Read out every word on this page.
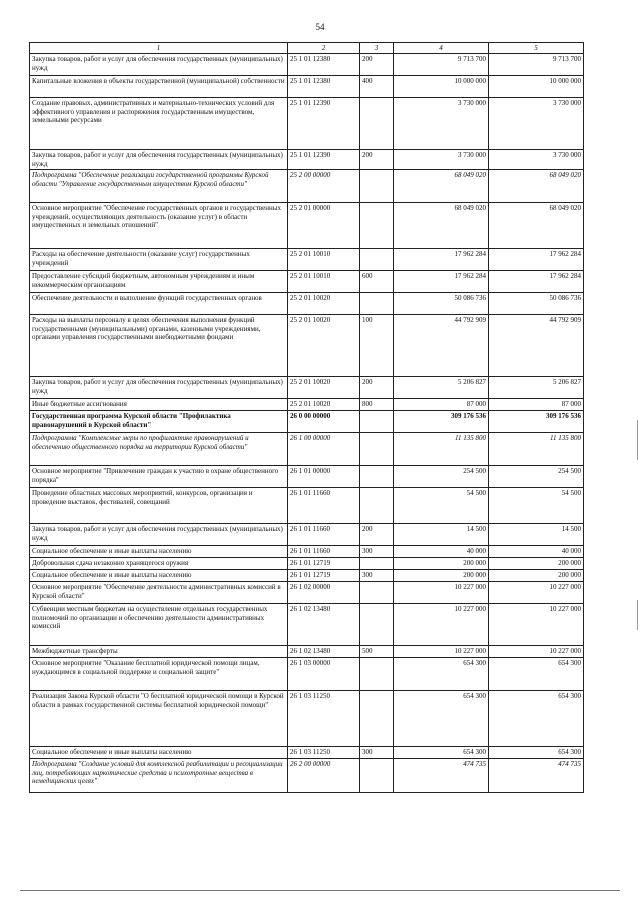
54
1	2	3	4	5
Закупка товаров, работ и услуг для обеспечения государственных (муниципальных) нужд	25 1 01 12380	200	9 713 700	9 713 700
Капитальные вложения в объекты государственной (муниципальной) собственности	25 1 01 12380	400	10 000 000	10 000 000
Создание правовых, административных и материально-технических условий для эффективного управления и распоряжения государственным имуществом, земельными ресурсами	25 1 01 12390		3 730 000	3 730 000
Закупка товаров, работ и услуг для обеспечения государственных (муниципальных) нужд	25 1 01 12390	200	3 730 000	3 730 000
Подпрограмма "Обеспечение реализации государственной программы Курской области "Управление государственным имуществом Курской области"	25 2 00 00000		68 049 020	68 049 020
Основное мероприятие "Обеспечение государственных органов и государственных учреждений, осуществляющих деятельность (оказание услуг) в области имущественных и земельных отношений"	25 2 01 00000		68 049 020	68 049 020
Расходы на обеспечение деятельности (оказание услуг) государственных учреждений	25 2 01 10010		17 962 284	17 962 284
Предоставление субсидий бюджетным, автономным учреждениям и иным некоммерческим организациям	25 2 01 10010	600	17 962 284	17 962 284
Обеспечение деятельности и выполнение функций государственных органов	25 2 01 10020		50 086 736	50 086 736
Расходы на выплаты персоналу в целях обеспечения выполнения функций государственными (муниципальными) органами, казенными учреждениями, органами управления государственными внебюджетными фондами	25 2 01 10020	100	44 792 909	44 792 909
Закупка товаров, работ и услуг для обеспечения государственных (муниципальных) нужд	25 2 01 10020	200	5 206 827	5 206 827
Иные бюджетные ассигнования	25 2 01 10020	800	87 000	87 000
Государственная программа Курской области "Профилактика правонарушений в Курской области"	26 0 00 00000		309 176 536	309 176 536
Подпрограмма "Комплексные меры по профилактике правонарушений и обеспечению общественного порядка на территории Курской области"	26 1 00 00000		11 135 800	11 135 800
Основное мероприятие "Привлечение граждан к участию в охране общественного порядка"	26 1 01 00000		254 500	254 500
Проведение областных массовых мероприятий, конкурсов, организация и проведение выставок, фестивалей, совещаний	26 1 01 11660		54 500	54 500
Закупка товаров, работ и услуг для обеспечения государственных (муниципальных) нужд	26 1 01 11660	200	14 500	14 500
Социальное обеспечение и иные выплаты населению	26 1 01 11660	300	40 000	40 000
Добровольная сдача незаконно хранящегося оружия	26 1 01 12719		200 000	200 000
Социальное обеспечение и иные выплаты населению	26 1 01 12719	300	200 000	200 000
Основное мероприятие "Обеспечение деятельности административных комиссий в Курской области"	26 1 02 00000		10 227 000	10 227 000
Субвенции местным бюджетам на осуществление отдельных государственных полномочий по организации и обеспечению деятельности административных комиссий	26 1 02 13480		10 227 000	10 227 000
Межбюджетные трансферты	26 1 02 13480	500	10 227 000	10 227 000
Основное мероприятие "Оказание бесплатной юридической помощи лицам, нуждающимся в социальной поддержке и социальной защите"	26 1 03 00000		654 300	654 300
Реализация Закона Курской области "О бесплатной юридической помощи в Курской области в рамках государственной системы бесплатной юридической помощи"	26 1 03 11250		654 300	654 300
Социальное обеспечение и иные выплаты населению	26 1 03 11250	300	654 300	654 300
Подпрограмма "Создание условий для комплексной реабилитации и ресоциализации лиц, потребляющих наркотические средства и психотропные вещества в немедицинских целях"	26 2 00 00000		474 735	474 735
